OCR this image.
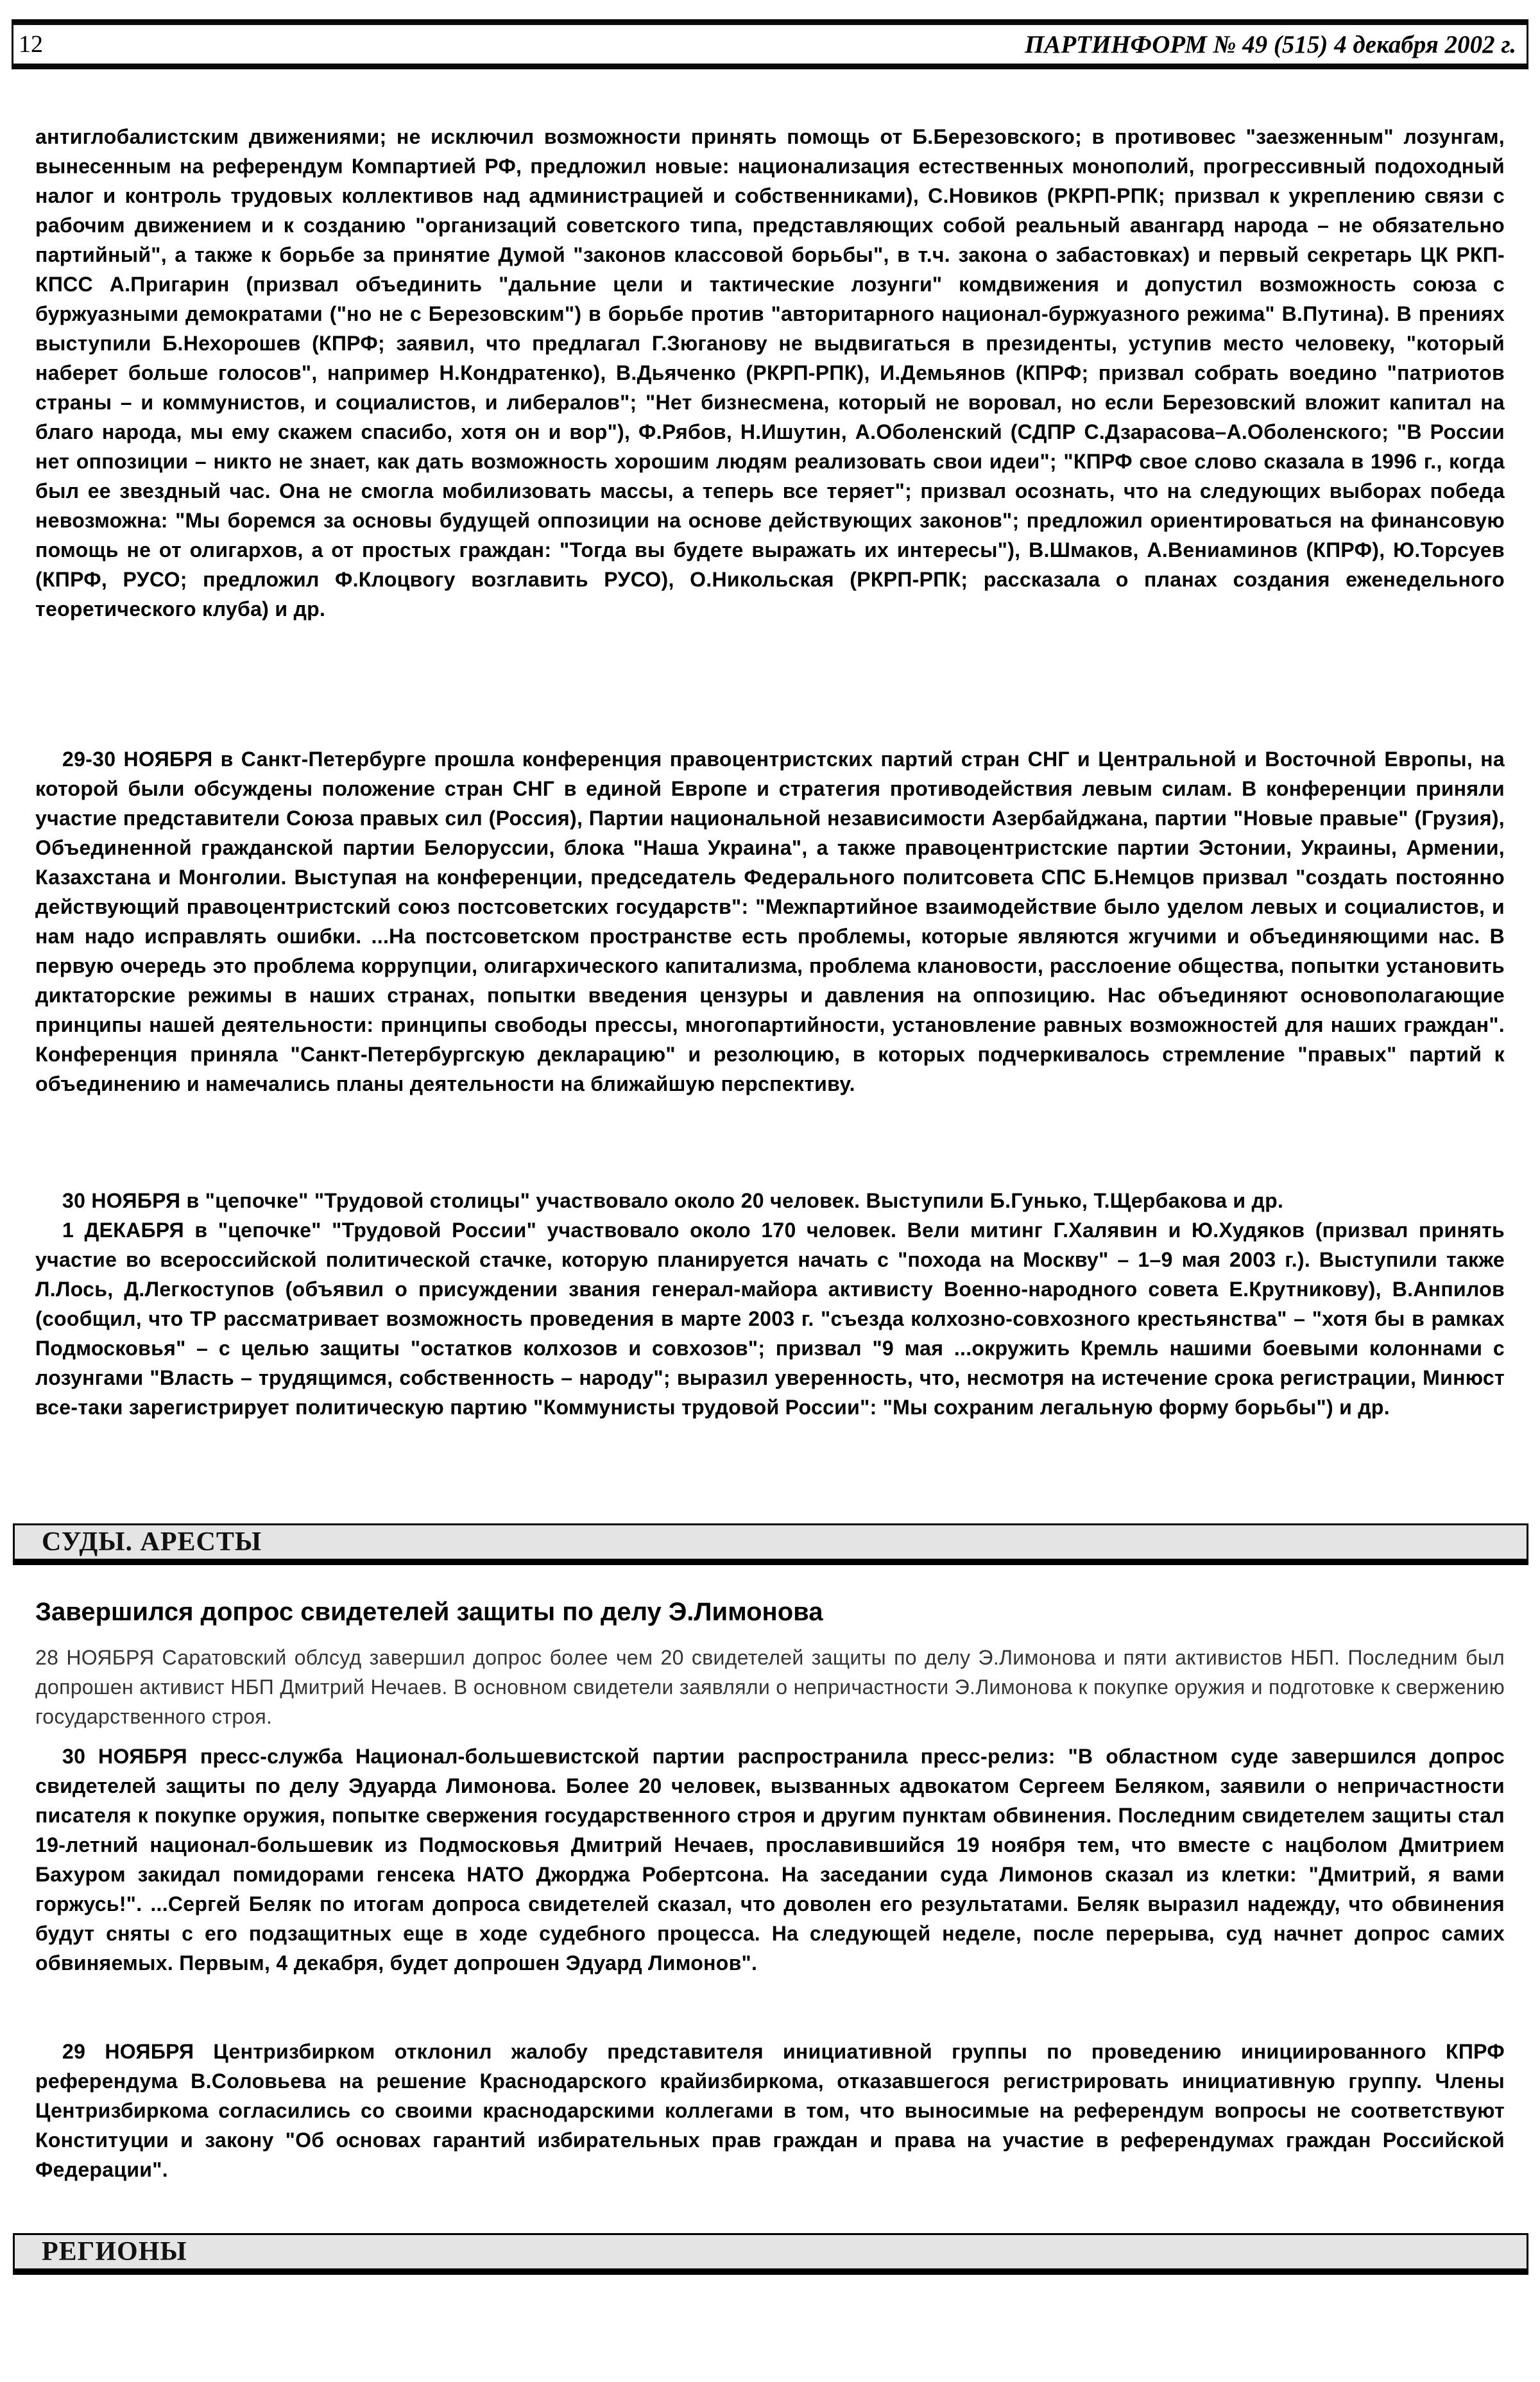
12	ПАРТИНФОРМ № 49 (515) 4 декабря 2002 г.

антиглобалистским движениями; не исключил возможности принять помощь от Б.Березовского; в противовес "заезженным" лозунгам, вынесенным на референдум Компартией РФ, предложил новые: национализация естественных монополий, прогрессивный подоходный налог и контроль трудовых коллективов над администрацией и собственниками), С.Новиков (РКРП-РПК; призвал к укреплению связи с рабочим движением и к созданию "организаций советского типа, представляющих собой реальный авангард народа – не обязательно партийный", а также к борьбе за принятие Думой "законов классовой борьбы", в т.ч. закона о забастовках) и первый секретарь ЦК РКП-КПСС А.Пригарин (призвал объединить "дальние цели и тактические лозунги" комдвижения и допустил возможность союза с буржуазными демократами ("но не с Березовским") в борьбе против "авторитарного национал-буржуазного режима" В.Путина). В прениях выступили Б.Нехорошев (КПРФ; заявил, что предлагал Г.Зюганову не выдвигаться в президенты, уступив место человеку, "который наберет больше голосов", например Н.Кондратенко), В.Дьяченко (РКРП-РПК), И.Демьянов (КПРФ; призвал собрать воедино "патриотов страны – и коммунистов, и социалистов, и либералов"; "Нет бизнесмена, который не воровал, но если Березовский вложит капитал на благо народа, мы ему скажем спасибо, хотя он и вор"), Ф.Рябов, Н.Ишутин, А.Оболенский (СДПР С.Дзарасова–А.Оболенского; "В России нет оппозиции – никто не знает, как дать возможность хорошим людям реализовать свои идеи"; "КПРФ свое слово сказала в 1996 г., когда был ее звездный час. Она не смогла мобилизовать массы, а теперь все теряет"; призвал осознать, что на следующих выборах победа невозможна: "Мы боремся за основы будущей оппозиции на основе действующих законов"; предложил ориентироваться на финансовую помощь не от олигархов, а от простых граждан: "Тогда вы будете выражать их интересы"), В.Шмаков, А.Вениаминов (КПРФ), Ю.Торсуев (КПРФ, РУСО; предложил Ф.Клоцвогу возглавить РУСО), О.Никольская (РКРП-РПК; рассказала о планах создания еженедельного теоретического клуба) и др.

29-30 НОЯБРЯ в Санкт-Петербурге прошла конференция правоцентристских партий стран СНГ и Центральной и Восточной Европы, на которой были обсуждены положение стран СНГ в единой Европе и стратегия противодействия левым силам. В конференции приняли участие представители Союза правых сил (Россия), Партии национальной независимости Азербайджана, партии "Новые правые" (Грузия), Объединенной гражданской партии Белоруссии, блока "Наша Украина", а также правоцентристские партии Эстонии, Украины, Армении, Казахстана и Монголии. Выступая на конференции, председатель Федерального политсовета СПС Б.Немцов призвал "создать постоянно действующий правоцентристский союз постсоветских государств": "Межпартийное взаимодействие было уделом левых и социалистов, и нам надо исправлять ошибки. ...На постсоветском пространстве есть проблемы, которые являются жгучими и объединяющими нас. В первую очередь это проблема коррупции, олигархического капитализма, проблема клановости, расслоение общества, попытки установить диктаторские режимы в наших странах, попытки введения цензуры и давления на оппозицию. Нас объединяют основополагающие принципы нашей деятельности: принципы свободы прессы, многопартийности, установление равных возможностей для наших граждан". Конференция приняла "Санкт-Петербургскую декларацию" и резолюцию, в которых подчеркивалось стремление "правых" партий к объединению и намечались планы деятельности на ближайшую перспективу.

30 НОЯБРЯ в "цепочке" "Трудовой столицы" участвовало около 20 человек. Выступили Б.Гунько, Т.Щербакова и др.

1 ДЕКАБРЯ в "цепочке" "Трудовой России" участвовало около 170 человек. Вели митинг Г.Халявин и Ю.Худяков (призвал принять участие во всероссийской политической стачке, которую планируется начать с "похода на Москву" – 1–9 мая 2003 г.). Выступили также Л.Лось, Д.Легкоступов (объявил о присуждении звания генерал-майора активисту Военно-народного совета Е.Крутникову), В.Анпилов (сообщил, что ТР рассматривает возможность проведения в марте 2003 г. "съезда колхозно-совхозного крестьянства" – "хотя бы в рамках Подмосковья" – с целью защиты "остатков колхозов и совхозов"; призвал "9 мая ...окружить Кремль нашими боевыми колоннами с лозунгами "Власть – трудящимся, собственность – народу"; выразил уверенность, что, несмотря на истечение срока регистрации, Минюст все-таки зарегистрирует политическую партию "Коммунисты трудовой России": "Мы сохраним легальную форму борьбы") и др.

СУДЫ. АРЕСТЫ
Завершился допрос свидетелей защиты по делу Э.Лимонова

28 НОЯБРЯ Саратовский облсуд завершил допрос более чем 20 свидетелей защиты по делу Э.Лимонова и пяти активистов НБП. Последним был допрошен активист НБП Дмитрий Нечаев. В основном свидетели заявляли о непричастности Э.Лимонова к покупке оружия и подготовке к свержению государственного строя.

30 НОЯБРЯ пресс-служба Национал-большевистской партии распространила пресс-релиз: "В областном суде завершился допрос свидетелей защиты по делу Эдуарда Лимонова. Более 20 человек, вызванных адвокатом Сергеем Беляком, заявили о непричастности писателя к покупке оружия, попытке свержения государственного строя и другим пунктам обвинения. Последним свидетелем защиты стал 19-летний национал-большевик из Подмосковья Дмитрий Нечаев, прославившийся 19 ноября тем, что вместе с нацболом Дмитрием Бахуром закидал помидорами генсека НАТО Джорджа Робертсона. На заседании суда Лимонов сказал из клетки: "Дмитрий, я вами горжусь!". ...Сергей Беляк по итогам допроса свидетелей сказал, что доволен его результатами. Беляк выразил надежду, что обвинения будут сняты с его подзащитных еще в ходе судебного процесса. На следующей неделе, после перерыва, суд начнет допрос самих обвиняемых. Первым, 4 декабря, будет допрошен Эдуард Лимонов".

29 НОЯБРЯ Центризбирком отклонил жалобу представителя инициативной группы по проведению инициированного КПРФ референдума В.Соловьева на решение Краснодарского крайизбиркома, отказавшегося регистрировать инициативную группу. Члены Центризбиркома согласились со своими краснодарскими коллегами в том, что выносимые на референдум вопросы не соответствуют Конституции и закону "Об основах гарантий избирательных прав граждан и права на участие в референдумах граждан Российской Федерации".

РЕГИОНЫ
